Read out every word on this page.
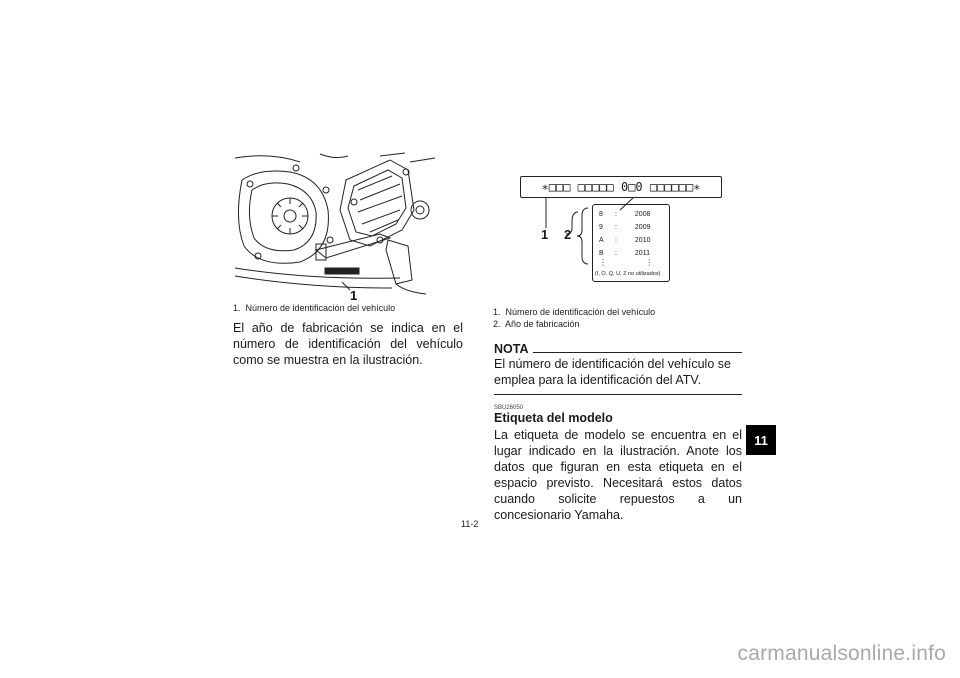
1
1. Número de identificación del vehículo
El año de fabricación se indica en el número de identificación del vehículo como se muestra en la ilustración.
∗□□□ □□□□□ 0□0 □□□□□□∗
1 2
8 :	2008
9 :	2009
A :	2010
B :	2011
⋮	⋮
(I, O, Q, U, Z no utilizados)
1. Número de identificación del vehículo
2. Año de fabricación
NOTA
El número de identificación del vehículo se emplea para la identificación del ATV.
SBU26050
Etiqueta del modelo
La etiqueta de modelo se encuentra en el lugar indicado en la ilustración. Anote los datos que figuran en esta etiqueta en el espacio previsto. Necesitará estos datos cuando solicite repuestos a un concesionario Yamaha.
11
11-2
carmanualsonline.info
